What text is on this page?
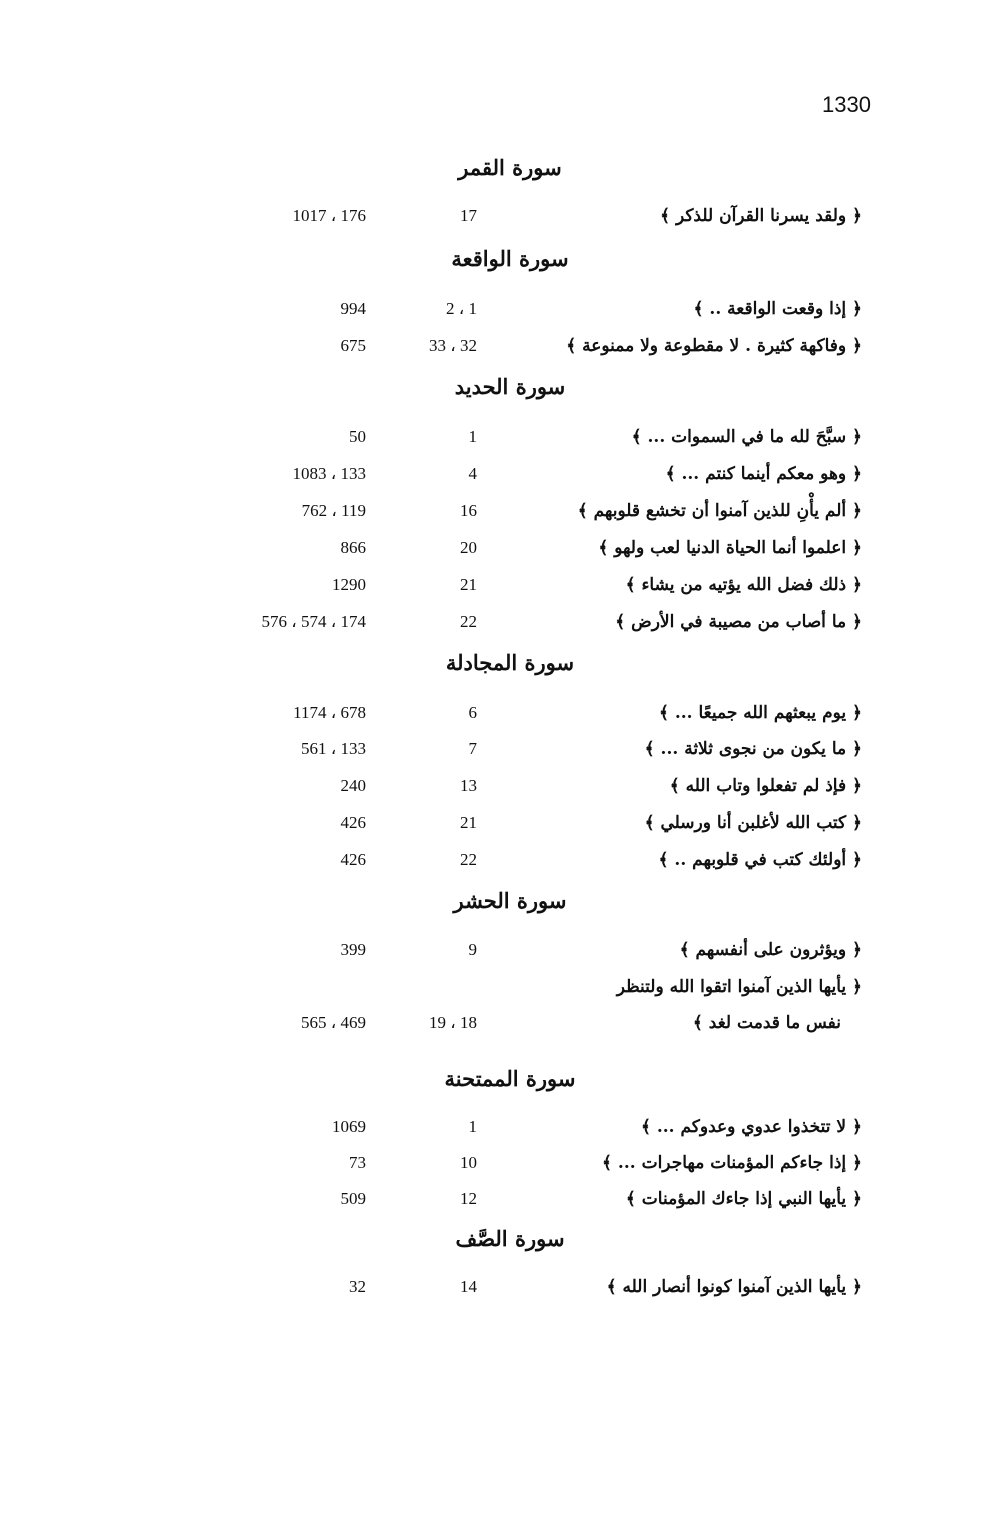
1330
سورة القمر
﴿ ولقد يسرنا القرآن للذكر ﴾
17
176 ، 1017
سورة الواقعة
﴿ إذا وقعت الواقعة .. ﴾
1 ، 2
994
﴿ وفاكهة كثيرة . لا مقطوعة ولا ممنوعة ﴾
32 ، 33
675
سورة الحديد
﴿ سبَّحَ لله ما في السموات ... ﴾
1
50
﴿ وهو معكم أينما كنتم ... ﴾
4
133 ، 1083
﴿ ألم يأْنِ للذين آمنوا أن تخشع قلوبهم ﴾
16
119 ، 762
﴿ اعلموا أنما الحياة الدنيا لعب ولهو ﴾
20
866
﴿ ذلك فضل الله يؤتيه من يشاء ﴾
21
1290
﴿ ما أصاب من مصيبة في الأرض ﴾
22
174 ، 574 ، 576
سورة المجادلة
﴿ يوم يبعثهم الله جميعًا ... ﴾
6
678 ، 1174
﴿ ما يكون من نجوى ثلاثة ... ﴾
7
133 ، 561
﴿ فإذ لم تفعلوا وتاب الله ﴾
13
240
﴿ كتب الله لأغلبن أنا ورسلي ﴾
21
426
﴿ أولئك كتب في قلوبهم .. ﴾
22
426
سورة الحشر
﴿ ويؤثرون على أنفسهم ﴾
9
399
﴿ يأيها الذين آمنوا اتقوا الله ولتنظر
نفس ما قدمت لغد ﴾
18 ، 19
469 ، 565
سورة الممتحنة
﴿ لا تتخذوا عدوي وعدوكم ... ﴾
1
1069
﴿ إذا جاءكم المؤمنات مهاجرات ... ﴾
10
73
﴿ يأيها النبي إذا جاءك المؤمنات ﴾
12
509
سورة الصَّف
﴿ يأيها الذين آمنوا كونوا أنصار الله ﴾
14
32
